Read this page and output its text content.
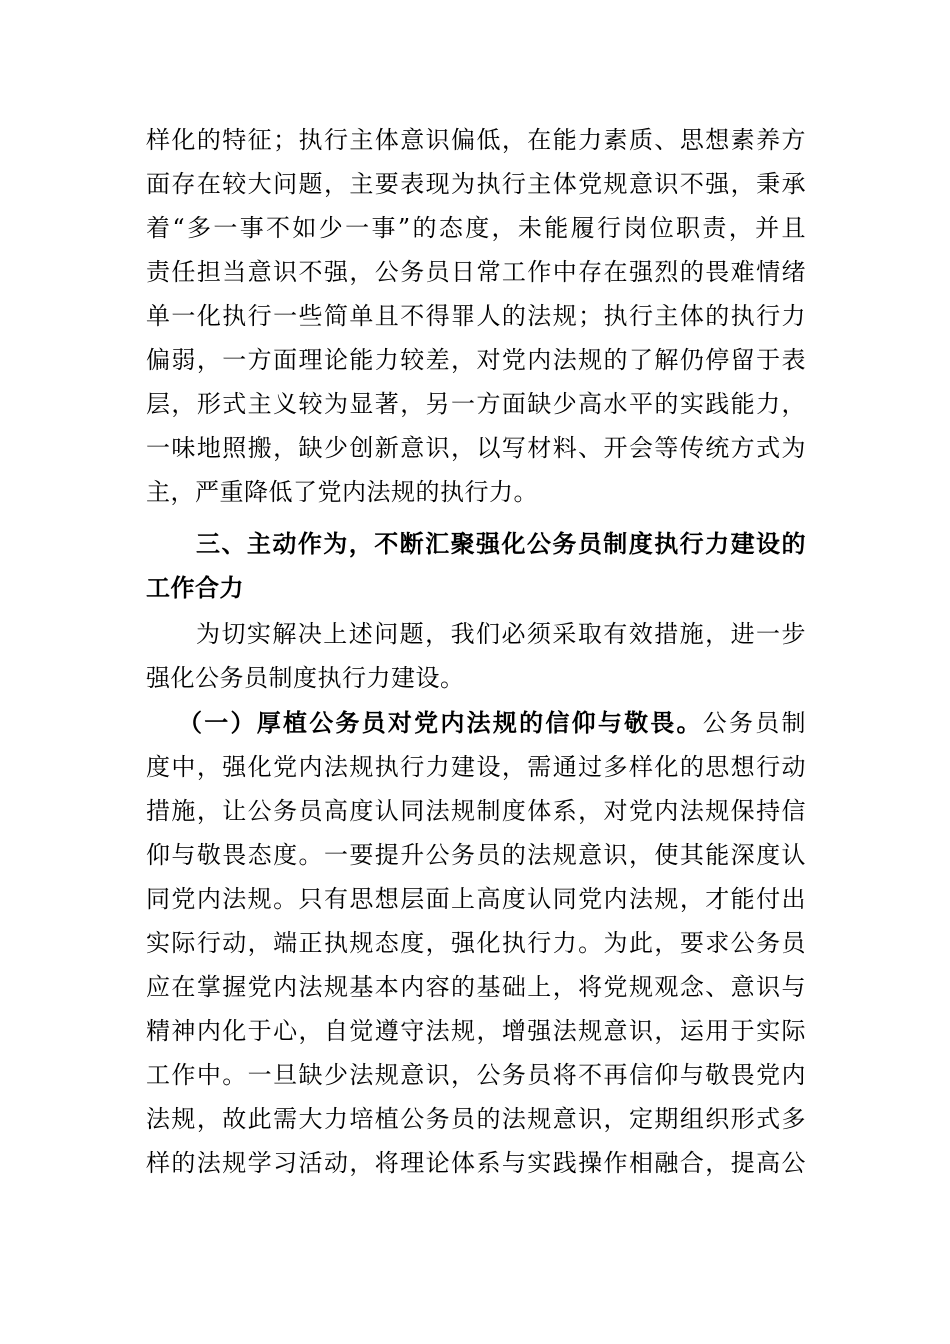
样化的特征；执行主体意识偏低，在能力素质、思想素养方
面存在较大问题，主要表现为执行主体党规意识不强，秉承
着“多一事不如少一事”的态度，未能履行岗位职责，并且
责任担当意识不强，公务员日常工作中存在强烈的畏难情绪
单一化执行一些简单且不得罪人的法规；执行主体的执行力
偏弱，一方面理论能力较差，对党内法规的了解仍停留于表
层，形式主义较为显著，另一方面缺少高水平的实践能力，
一味地照搬，缺少创新意识，以写材料、开会等传统方式为
主，严重降低了党内法规的执行力。
三、主动作为，不断汇聚强化公务员制度执行力建设的
工作合力
为切实解决上述问题，我们必须采取有效措施，进一步
强化公务员制度执行力建设。
（一）厚植公务员对党内法规的信仰与敬畏。公务员制
度中，强化党内法规执行力建设，需通过多样化的思想行动
措施，让公务员高度认同法规制度体系，对党内法规保持信
仰与敬畏态度。一要提升公务员的法规意识，使其能深度认
同党内法规。只有思想层面上高度认同党内法规，才能付出
实际行动，端正执规态度，强化执行力。为此，要求公务员
应在掌握党内法规基本内容的基础上，将党规观念、意识与
精神内化于心，自觉遵守法规，增强法规意识，运用于实际
工作中。一旦缺少法规意识，公务员将不再信仰与敬畏党内
法规，故此需大力培植公务员的法规意识，定期组织形式多
样的法规学习活动，将理论体系与实践操作相融合，提高公
